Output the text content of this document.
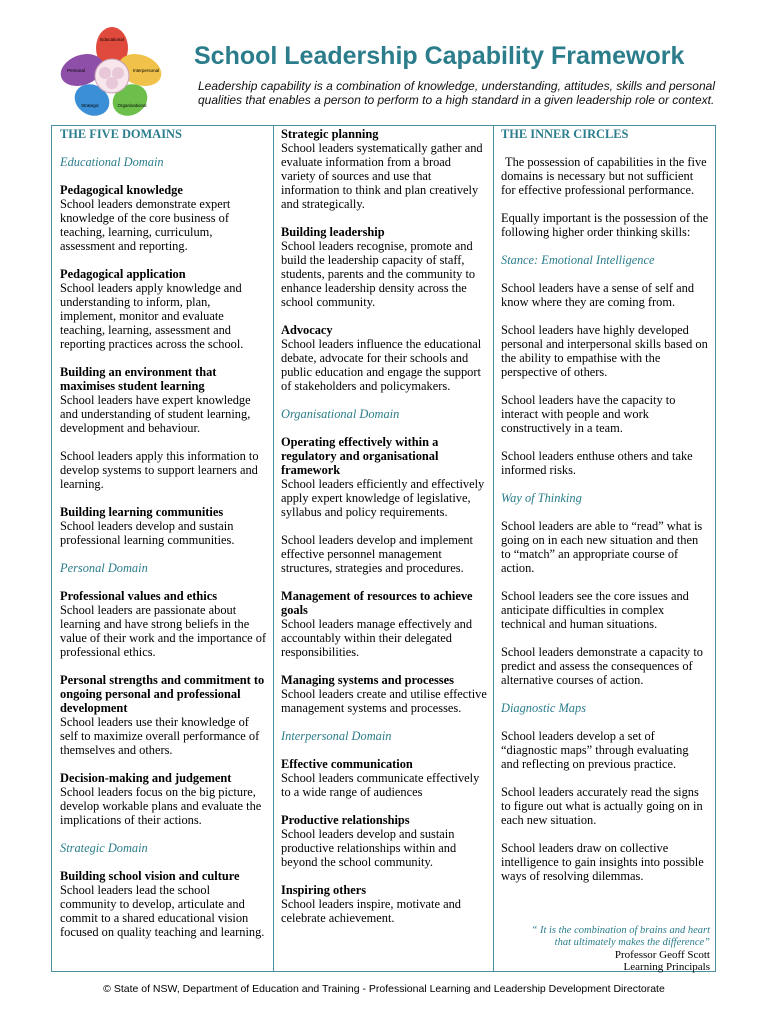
Educational
Personal	Interpersonal
Strategic	Organisational
School Leadership Capability Framework
Leadership capability is a combination of knowledge, understanding, attitudes, skills and personal qualities that enables a person to perform to a high standard in a given leadership role or context.
THE FIVE DOMAINS
Educational Domain
Pedagogical knowledge
School leaders demonstrate expert knowledge of the core business of teaching, learning, curriculum, assessment and reporting.
Pedagogical application
School leaders apply knowledge and understanding to inform, plan, implement, monitor and evaluate teaching, learning, assessment and reporting practices across the school.
Building an environment that maximises student learning
School leaders have expert knowledge and understanding of student learning, development and behaviour.

School leaders apply this information to develop systems to support learners and learning.

Building learning communities
School leaders develop and sustain professional learning communities.
Personal Domain
Professional values and ethics
School leaders are passionate about learning and have strong beliefs in the value of their work and the importance of professional ethics.
Personal strengths and commitment to ongoing personal and professional development
School leaders use their knowledge of self to maximize overall performance of themselves and others.
Decision-making and judgement
School leaders focus on the big picture, develop workable plans and evaluate the implications of their actions.
Strategic Domain
Building school vision and culture
School leaders lead the school community to develop, articulate and commit to a shared educational vision focused on quality teaching and learning.
Strategic planning
School leaders systematically gather and evaluate information from a broad variety of sources and use that information to think and plan creatively and strategically.
Building leadership
School leaders recognise, promote and build the leadership capacity of staff, students, parents and the community to enhance leadership density across the school community.
Advocacy
School leaders influence the educational debate, advocate for their schools and public education and engage the support of stakeholders and policymakers.
Organisational Domain
Operating effectively within a regulatory and organisational framework
School leaders efficiently and effectively apply expert knowledge of legislative, syllabus and policy requirements.

School leaders develop and implement effective personnel management structures, strategies and procedures.

Management of resources to achieve goals
School leaders manage effectively and accountably within their delegated responsibilities.
Managing systems and processes
School leaders create and utilise effective management systems and processes.
Interpersonal Domain
Effective communication
School leaders communicate effectively to a wide range of audiences
Productive relationships
School leaders develop and sustain productive relationships within and beyond the school community.
Inspiring others
School leaders inspire, motivate and celebrate achievement.
THE INNER CIRCLES

The possession of capabilities in the five domains is necessary but not sufficient for effective professional performance.

Equally important is the possession of the following higher order thinking skills:

Stance: Emotional Intelligence

School leaders have a sense of self and know where they are coming from.

School leaders have highly developed personal and interpersonal skills based on the ability to empathise with the perspective of others.

School leaders have the capacity to interact with people and work constructively in a team.

School leaders enthuse others and take informed risks.

Way of Thinking

School leaders are able to “read” what is going on in each new situation and then to “match” an appropriate course of action.

School leaders see the core issues and anticipate difficulties in complex technical and human situations.

School leaders demonstrate a capacity to predict and assess the consequences of alternative courses of action.

Diagnostic Maps

School leaders develop a set of “diagnostic maps” through evaluating and reflecting on previous practice.

School leaders accurately read the signs to figure out what is actually going on in each new situation.

School leaders draw on collective intelligence to gain insights into possible ways of resolving dilemmas.

“ It is the combination of brains and heart
that ultimately makes the difference”
Professor Geoff Scott
Learning Principals
© State of NSW, Department of Education and Training - Professional Learning and Leadership Development Directorate
